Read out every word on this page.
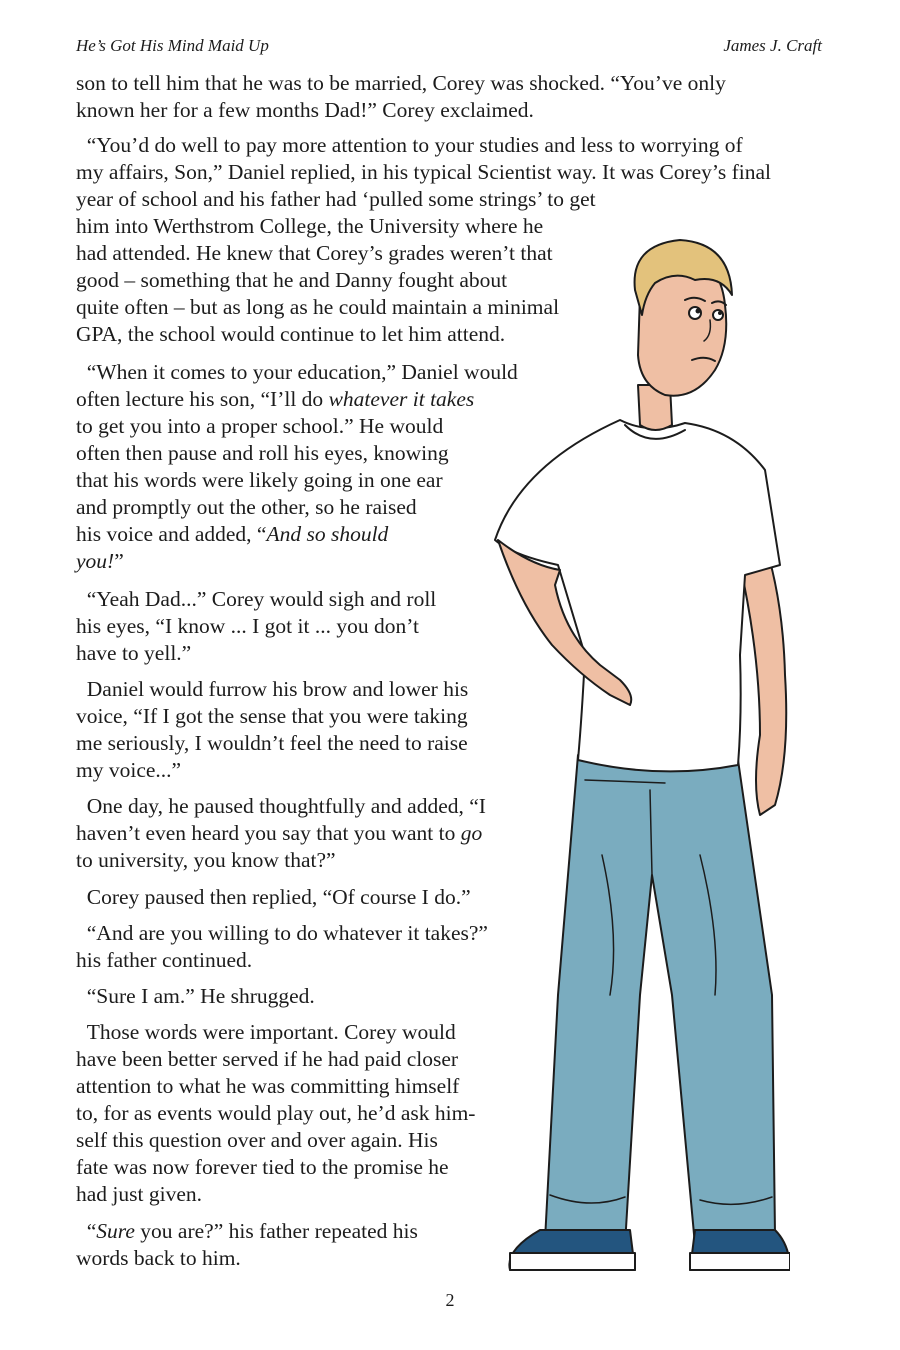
He’s Got His Mind Maid Up	James J. Craft

son to tell him that he was to be married, Corey was shocked. “You’ve only
known her for a few months Dad!” Corey exclaimed.

“You’d do well to pay more attention to your studies and less to worrying of
my affairs, Son,” Daniel replied, in his typical Scientist way. It was Corey’s final
year of school and his father had ‘pulled some strings’ to get
him into Werthstrom College, the University where he
had attended. He knew that Corey’s grades weren’t that
good – something that he and Danny fought about
quite often – but as long as he could maintain a minimal
GPA, the school would continue to let him attend.

“When it comes to your education,” Daniel would
often lecture his son, “I’ll do whatever it takes
to get you into a proper school.” He would
often then pause and roll his eyes, knowing
that his words were likely going in one ear
and promptly out the other, so he raised
his voice and added, “And so should
you!”

“Yeah Dad...” Corey would sigh and roll
his eyes, “I know ... I got it ... you don’t
have to yell.”

Daniel would furrow his brow and lower his
voice, “If I got the sense that you were taking
me seriously, I wouldn’t feel the need to raise
my voice...”

One day, he paused thoughtfully and added, “I
haven’t even heard you say that you want to go
to university, you know that?”

Corey paused then replied, “Of course I do.”

“And are you willing to do whatever it takes?”
his father continued.

“Sure I am.” He shrugged.

Those words were important. Corey would
have been better served if he had paid closer
attention to what he was committing himself
to, for as events would play out, he’d ask him-
self this question over and over again. His
fate was now forever tied to the promise he
had just given.

“Sure you are?” his father repeated his
words back to him.

2
